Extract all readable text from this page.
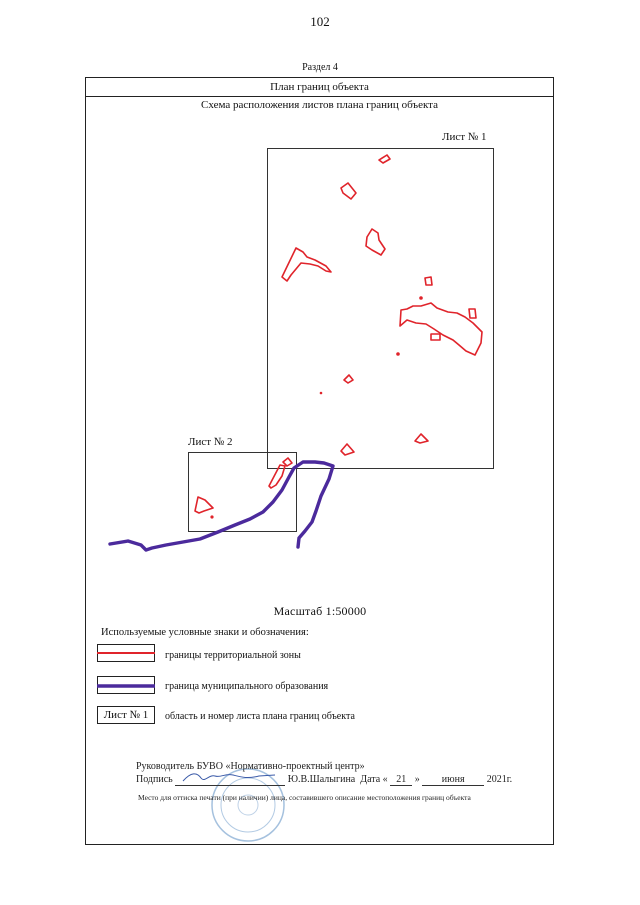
102
Раздел 4
План границ объекта
Схема расположения листов плана границ объекта
Лист № 1
Лист № 2
Масштаб 1:50000
Используемые условные знаки и обозначения:
границы территориальной зоны
граница муниципального образования
Лист № 1	область и номер листа плана границ объекта
Руководитель БУВО «Нормативно-проектный центр»
Подпись	Ю.В.Шалыгина Дата « 21 » июня 2021г.
Место для оттиска печати (при наличии) лица, составившего описание местоположения границ объекта
